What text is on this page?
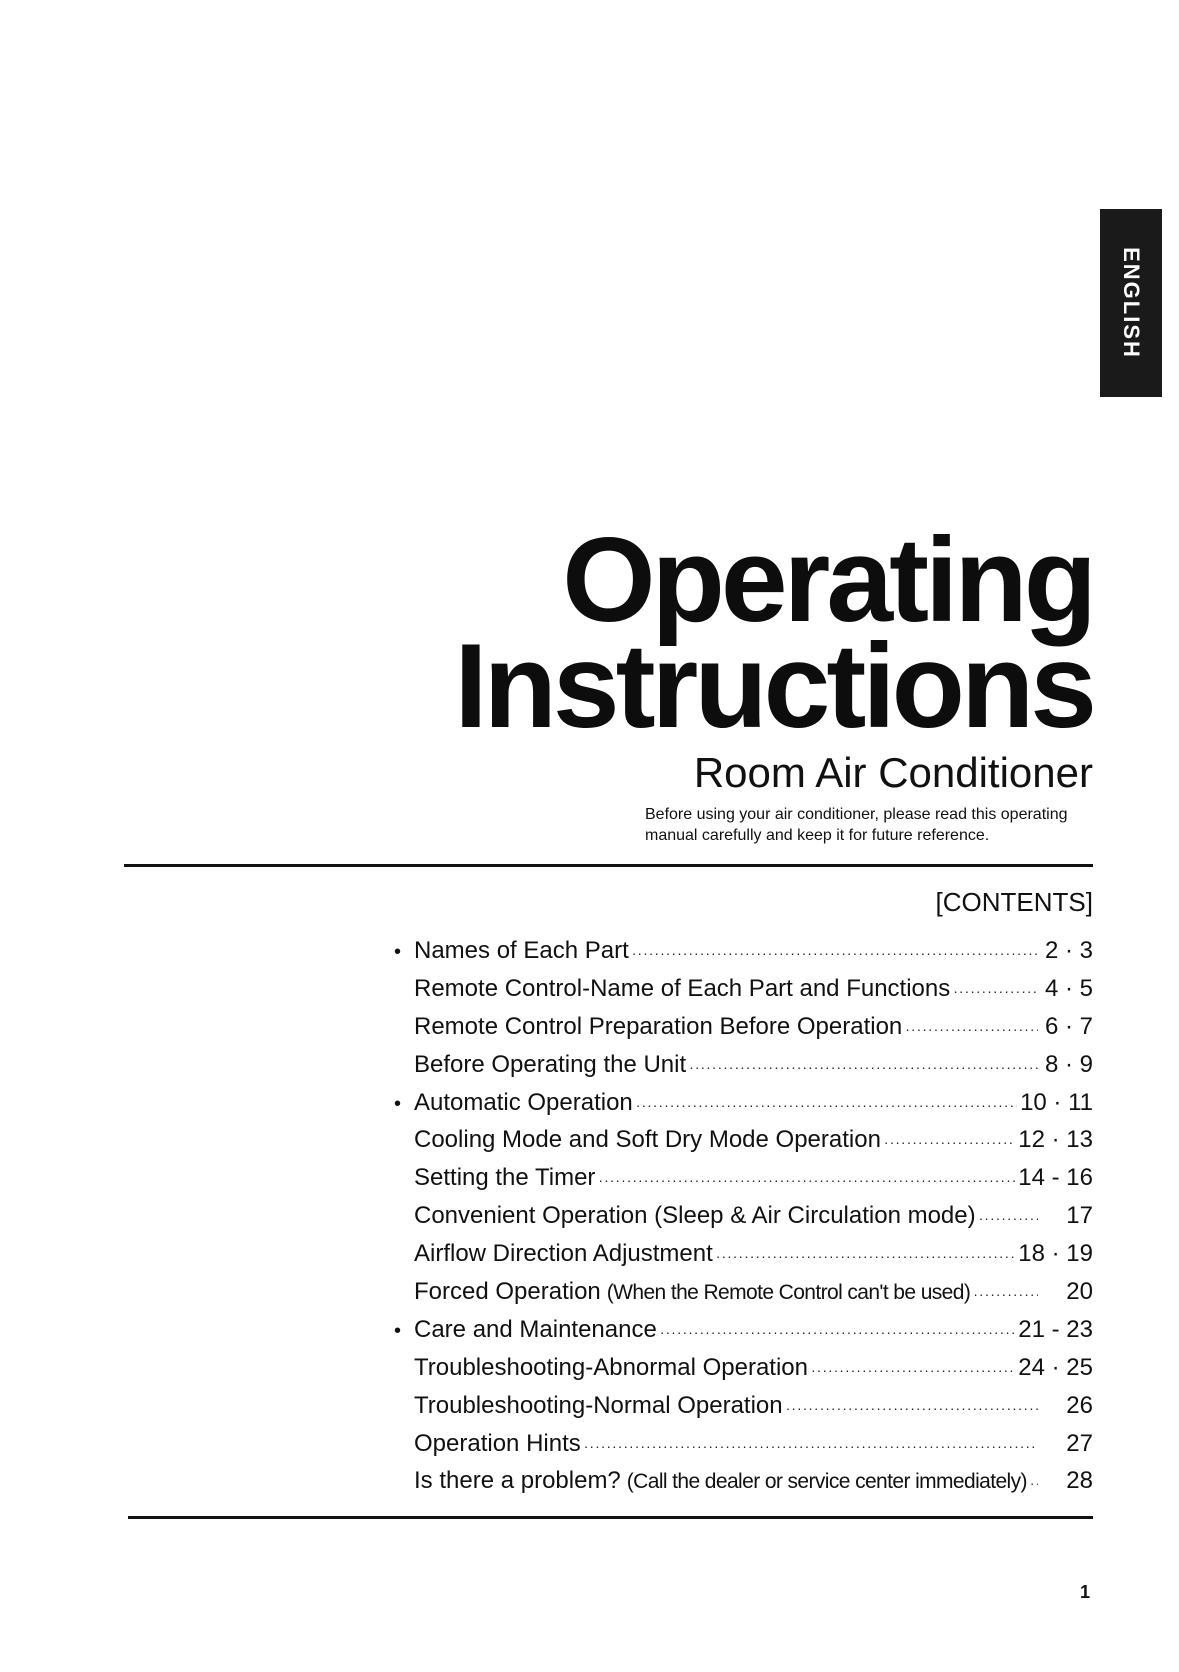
ENGLISH
Operating
Instructions
Room Air Conditioner
Before using your air conditioner, please read this operating manual carefully and keep it for future reference.
[CONTENTS]
• Names of Each Part ·····	2 · 3
Remote Control-Name of Each Part and Functions ·····	4 · 5
Remote Control Preparation Before Operation ·····	6 · 7
Before Operating the Unit ·····	8 · 9
• Automatic Operation ·····	10 · 11
Cooling Mode and Soft Dry Mode Operation ·····	12 · 13
Setting the Timer ·····	14 - 16
Convenient Operation (Sleep & Air Circulation mode) ·····	17
Airflow Direction Adjustment ·····	18 · 19
Forced Operation (When the Remote Control can't be used) ·····	20
• Care and Maintenance ·····	21 - 23
Troubleshooting-Abnormal Operation ·····	24 · 25
Troubleshooting-Normal Operation ·····	26
Operation Hints ·····	27
Is there a problem? (Call the dealer or service center immediately) ·····	28
1
